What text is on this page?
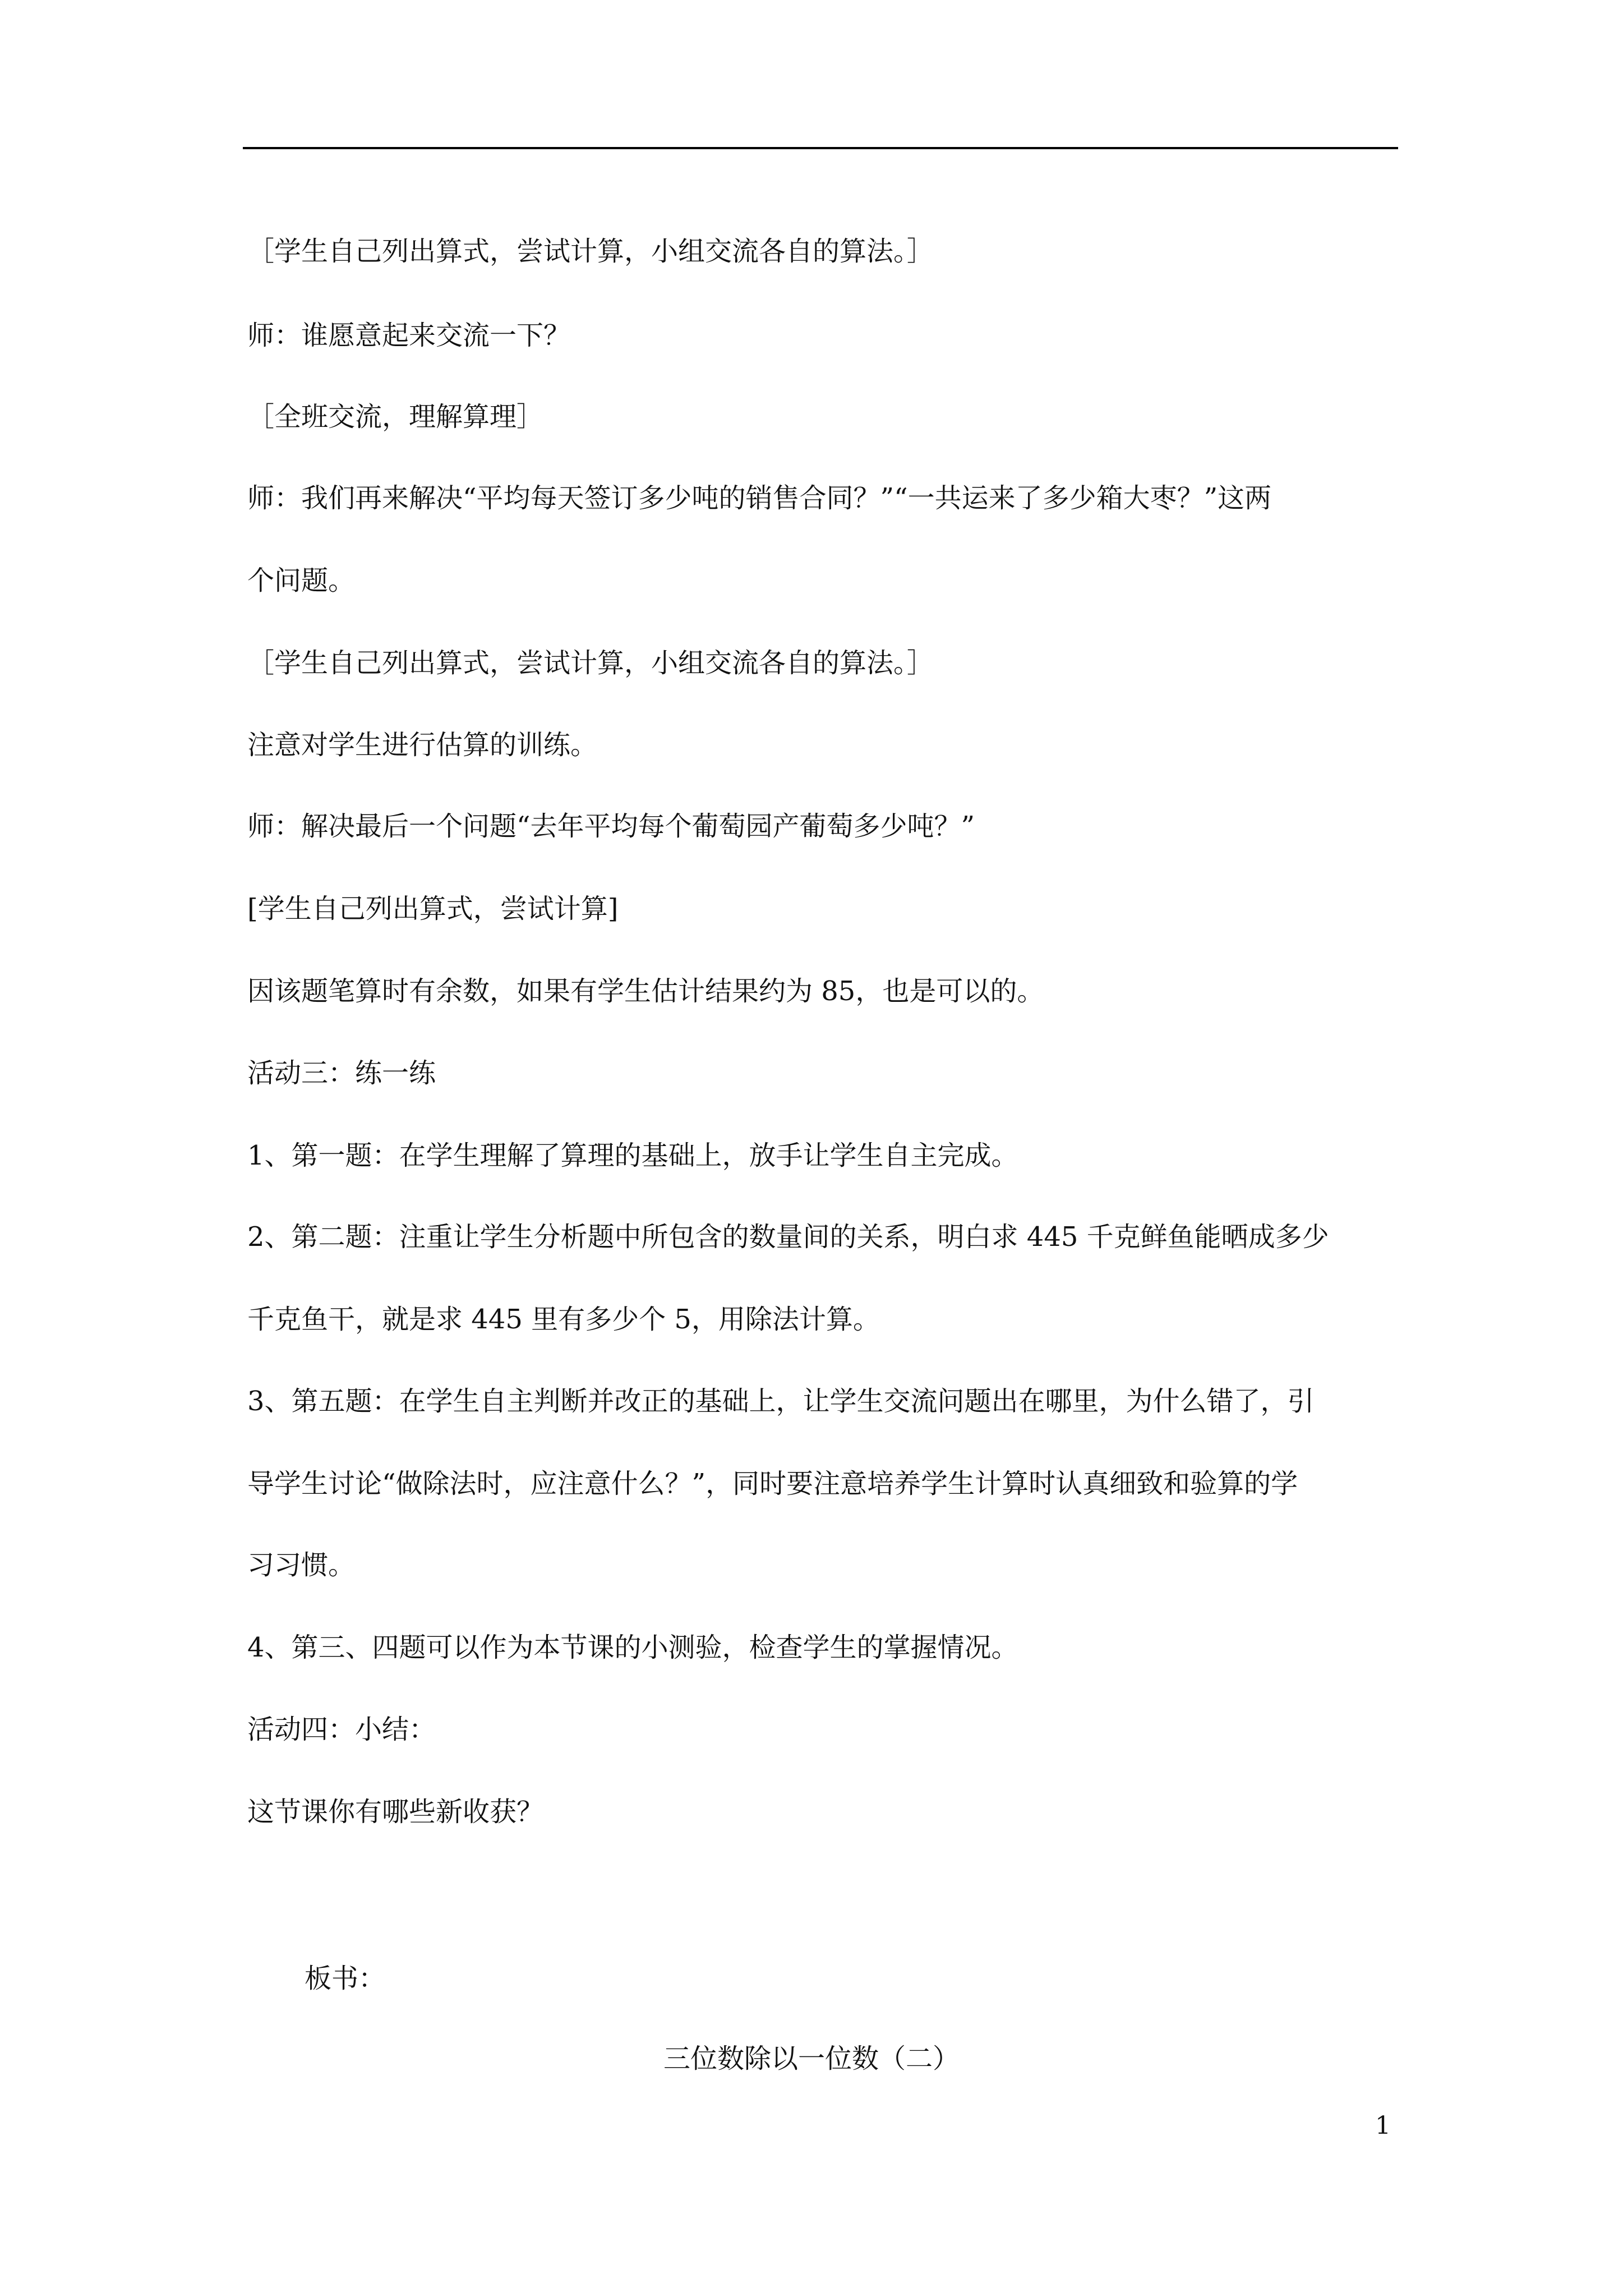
［学生自己列出算式，尝试计算，小组交流各自的算法。］
师：谁愿意起来交流一下？
［全班交流，理解算理］
师：我们再来解决“平均每天签订多少吨的销售合同？”“一共运来了多少箱大枣？”这两
个问题。
［学生自己列出算式，尝试计算，小组交流各自的算法。］
注意对学生进行估算的训练。
师：解决最后一个问题“去年平均每个葡萄园产葡萄多少吨？”
[学生自己列出算式，尝试计算]
因该题笔算时有余数，如果有学生估计结果约为 85，也是可以的。
活动三：练一练
1、第一题：在学生理解了算理的基础上，放手让学生自主完成。
2、第二题：注重让学生分析题中所包含的数量间的关系，明白求 445 千克鲜鱼能晒成多少
千克鱼干，就是求 445 里有多少个 5，用除法计算。
3、第五题：在学生自主判断并改正的基础上，让学生交流问题出在哪里，为什么错了，引
导学生讨论“做除法时，应注意什么？”，同时要注意培养学生计算时认真细致和验算的学
习习惯。
4、第三、四题可以作为本节课的小测验，检查学生的掌握情况。
活动四：小结：
这节课你有哪些新收获？
板书：
三位数除以一位数（二）
1
